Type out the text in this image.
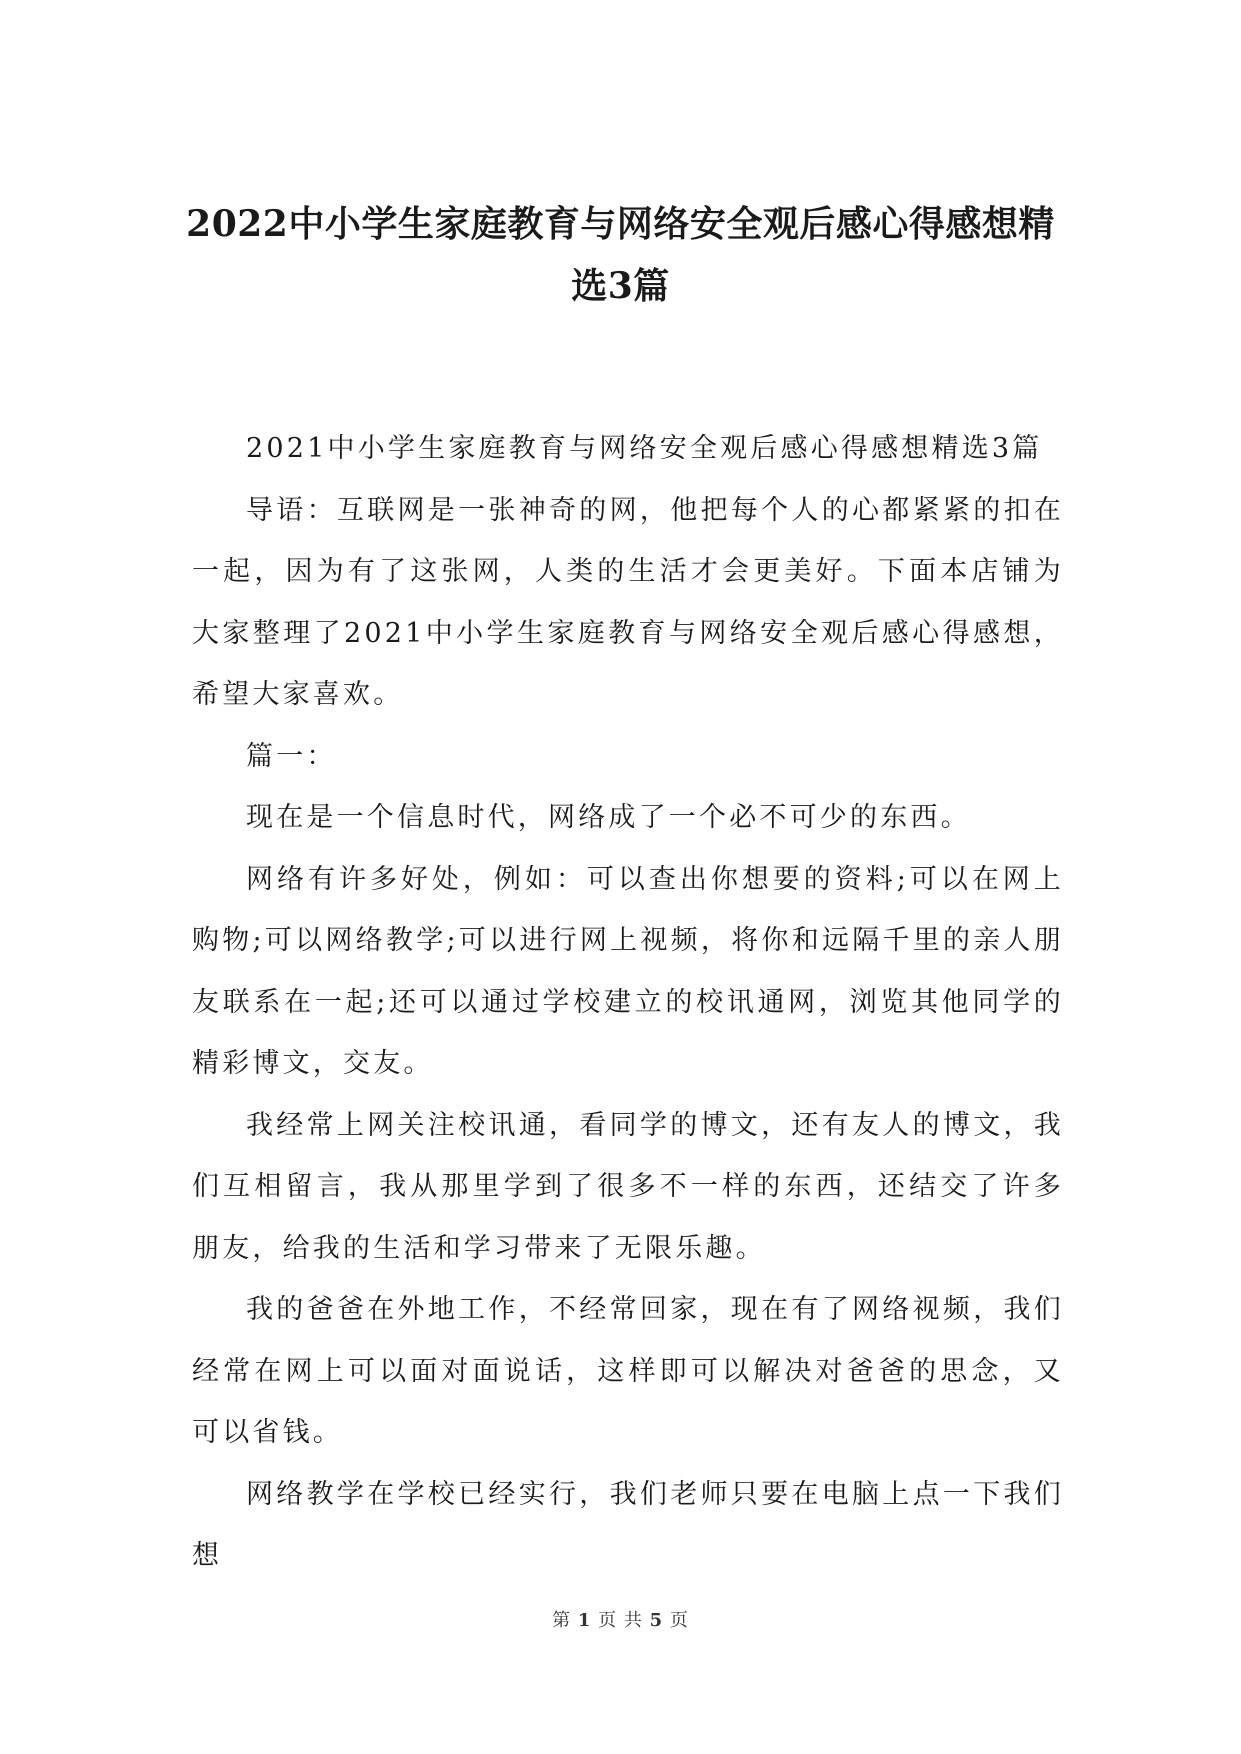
2022中小学生家庭教育与网络安全观后感心得感想精选3篇

2021中小学生家庭教育与网络安全观后感心得感想精选3篇

导语：互联网是一张神奇的网，他把每个人的心都紧紧的扣在一起，因为有了这张网，人类的生活才会更美好。下面本店铺为大家整理了2021中小学生家庭教育与网络安全观后感心得感想，希望大家喜欢。

篇一：

现在是一个信息时代，网络成了一个必不可少的东西。

网络有许多好处，例如：可以查出你想要的资料;可以在网上购物;可以网络教学;可以进行网上视频，将你和远隔千里的亲人朋友联系在一起;还可以通过学校建立的校讯通网，浏览其他同学的精彩博文，交友。

我经常上网关注校讯通，看同学的博文，还有友人的博文，我们互相留言，我从那里学到了很多不一样的东西，还结交了许多朋友，给我的生活和学习带来了无限乐趣。

我的爸爸在外地工作，不经常回家，现在有了网络视频，我们经常在网上可以面对面说话，这样即可以解决对爸爸的思念，又可以省钱。

网络教学在学校已经实行，我们老师只要在电脑上点一下我们想

第 1 页 共 5 页
